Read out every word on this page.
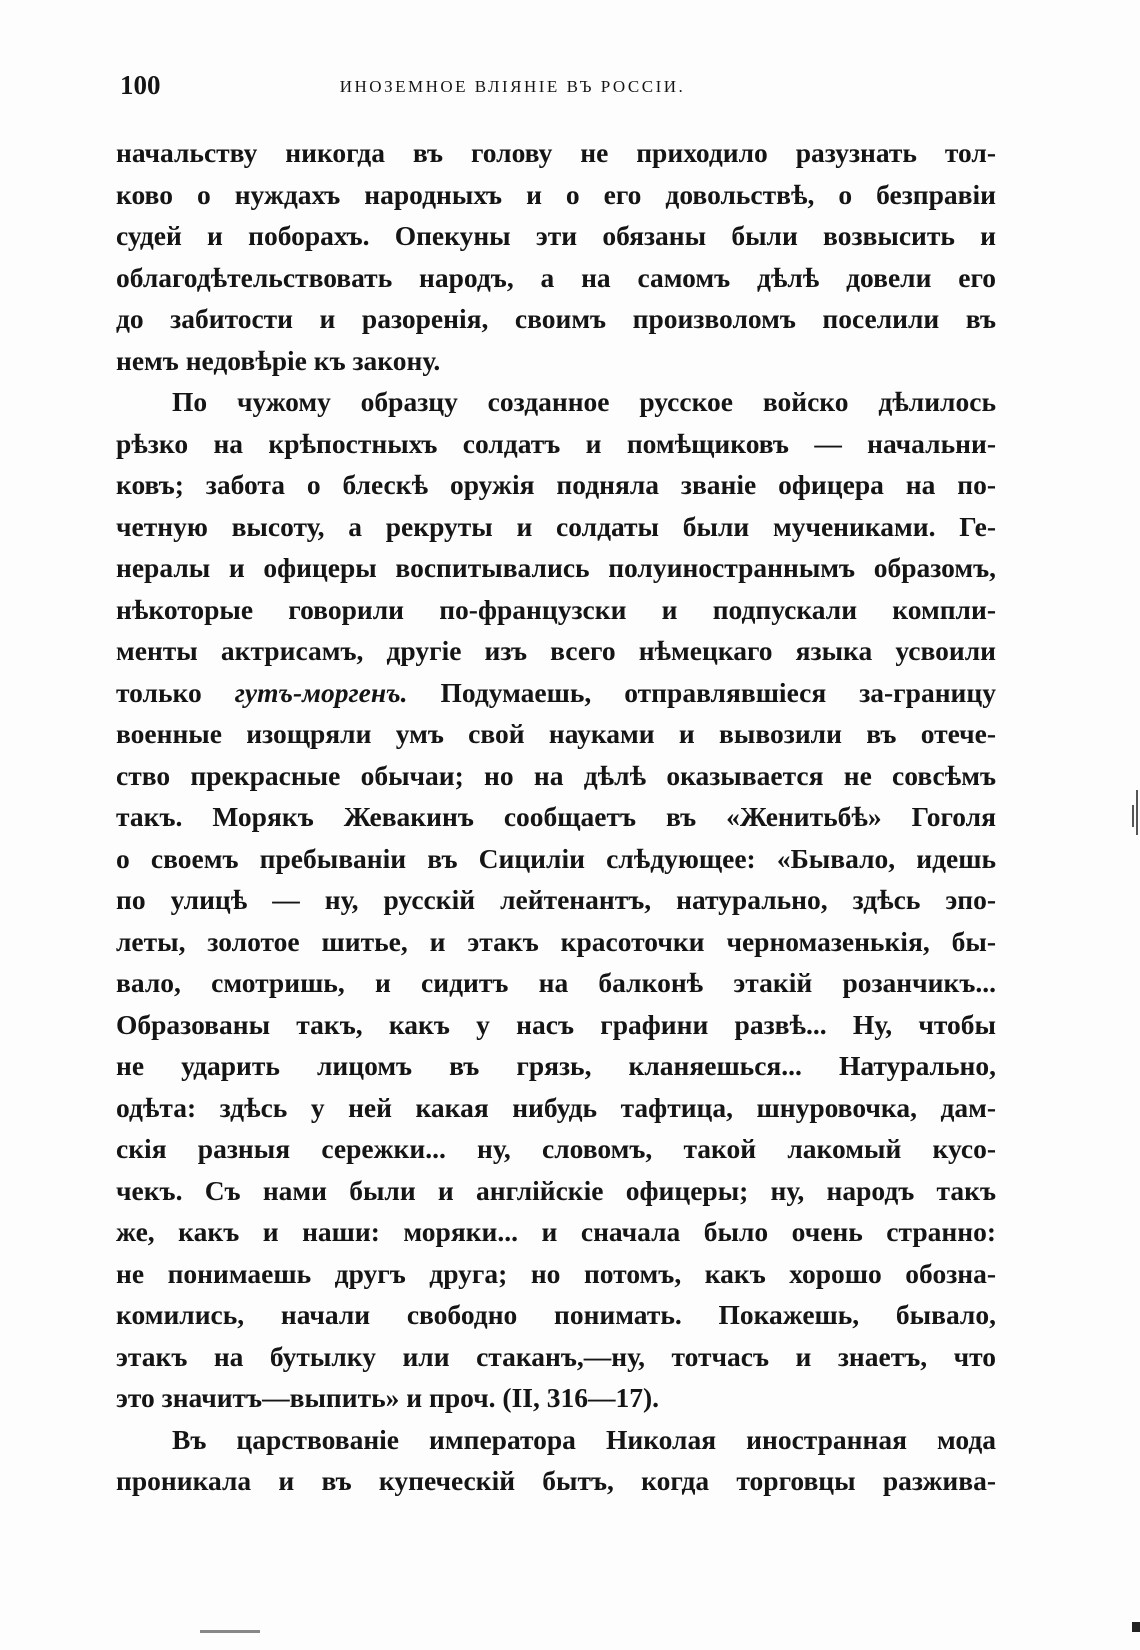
100	ИНОЗЕМНОЕ ВЛІЯНІЕ ВЪ РОССІИ.
начальству никогда въ голову не приходило разузнать тол-
ково о нуждахъ народныхъ и о его довольствѣ, о безправіи
судей и поборахъ. Опекуны эти обязаны были возвысить и
облагодѣтельствовать народъ, а на самомъ дѣлѣ довели его
до забитости и разоренія, своимъ произволомъ поселили въ
немъ недовѣріе къ закону.
По чужому образцу созданное русское войско дѣлилось
рѣзко на крѣпостныхъ солдатъ и помѣщиковъ — начальни-
ковъ; забота о блескѣ оружія подняла званіе офицера на по-
четную высоту, а рекруты и солдаты были мучениками. Ге-
нералы и офицеры воспитывались полуиностраннымъ образомъ,
нѣкоторые говорили по-французски и подпускали компли-
менты актрисамъ, другіе изъ всего нѣмецкаго языка усвоили
только гутъ-моргенъ. Подумаешь, отправлявшіеся за-границу
военные изощряли умъ свой науками и вывозили въ отече-
ство прекрасные обычаи; но на дѣлѣ оказывается не совсѣмъ
такъ. Морякъ Жевакинъ сообщаетъ въ «Женитьбѣ» Гоголя
о своемъ пребываніи въ Сициліи слѣдующее: «Бывало, идешь
по улицѣ — ну, русскій лейтенантъ, натурально, здѣсь эпо-
леты, золотое шитье, и этакъ красоточки черномазенькія, бы-
вало, смотришь, и сидитъ на балконѣ этакій розанчикъ...
Образованы такъ, какъ у насъ графини развѣ... Ну, чтобы
не ударить лицомъ въ грязь, кланяешься... Натурально,
одѣта: здѣсь у ней какая нибудь тафтица, шнуровочка, дам-
скія разныя сережки... ну, словомъ, такой лакомый кусо-
чекъ. Съ нами были и англійскіе офицеры; ну, народъ такъ
же, какъ и наши: моряки... и сначала было очень странно:
не понимаешь другъ друга; но потомъ, какъ хорошо обозна-
комились, начали свободно понимать. Покажешь, бывало,
этакъ на бутылку или стаканъ,—ну, тотчасъ и знаетъ, что
это значитъ—выпить» и проч. (II, 316—17).
Въ царствованіе императора Николая иностранная мода
проникала и въ купеческій бытъ, когда торговцы разжива-
